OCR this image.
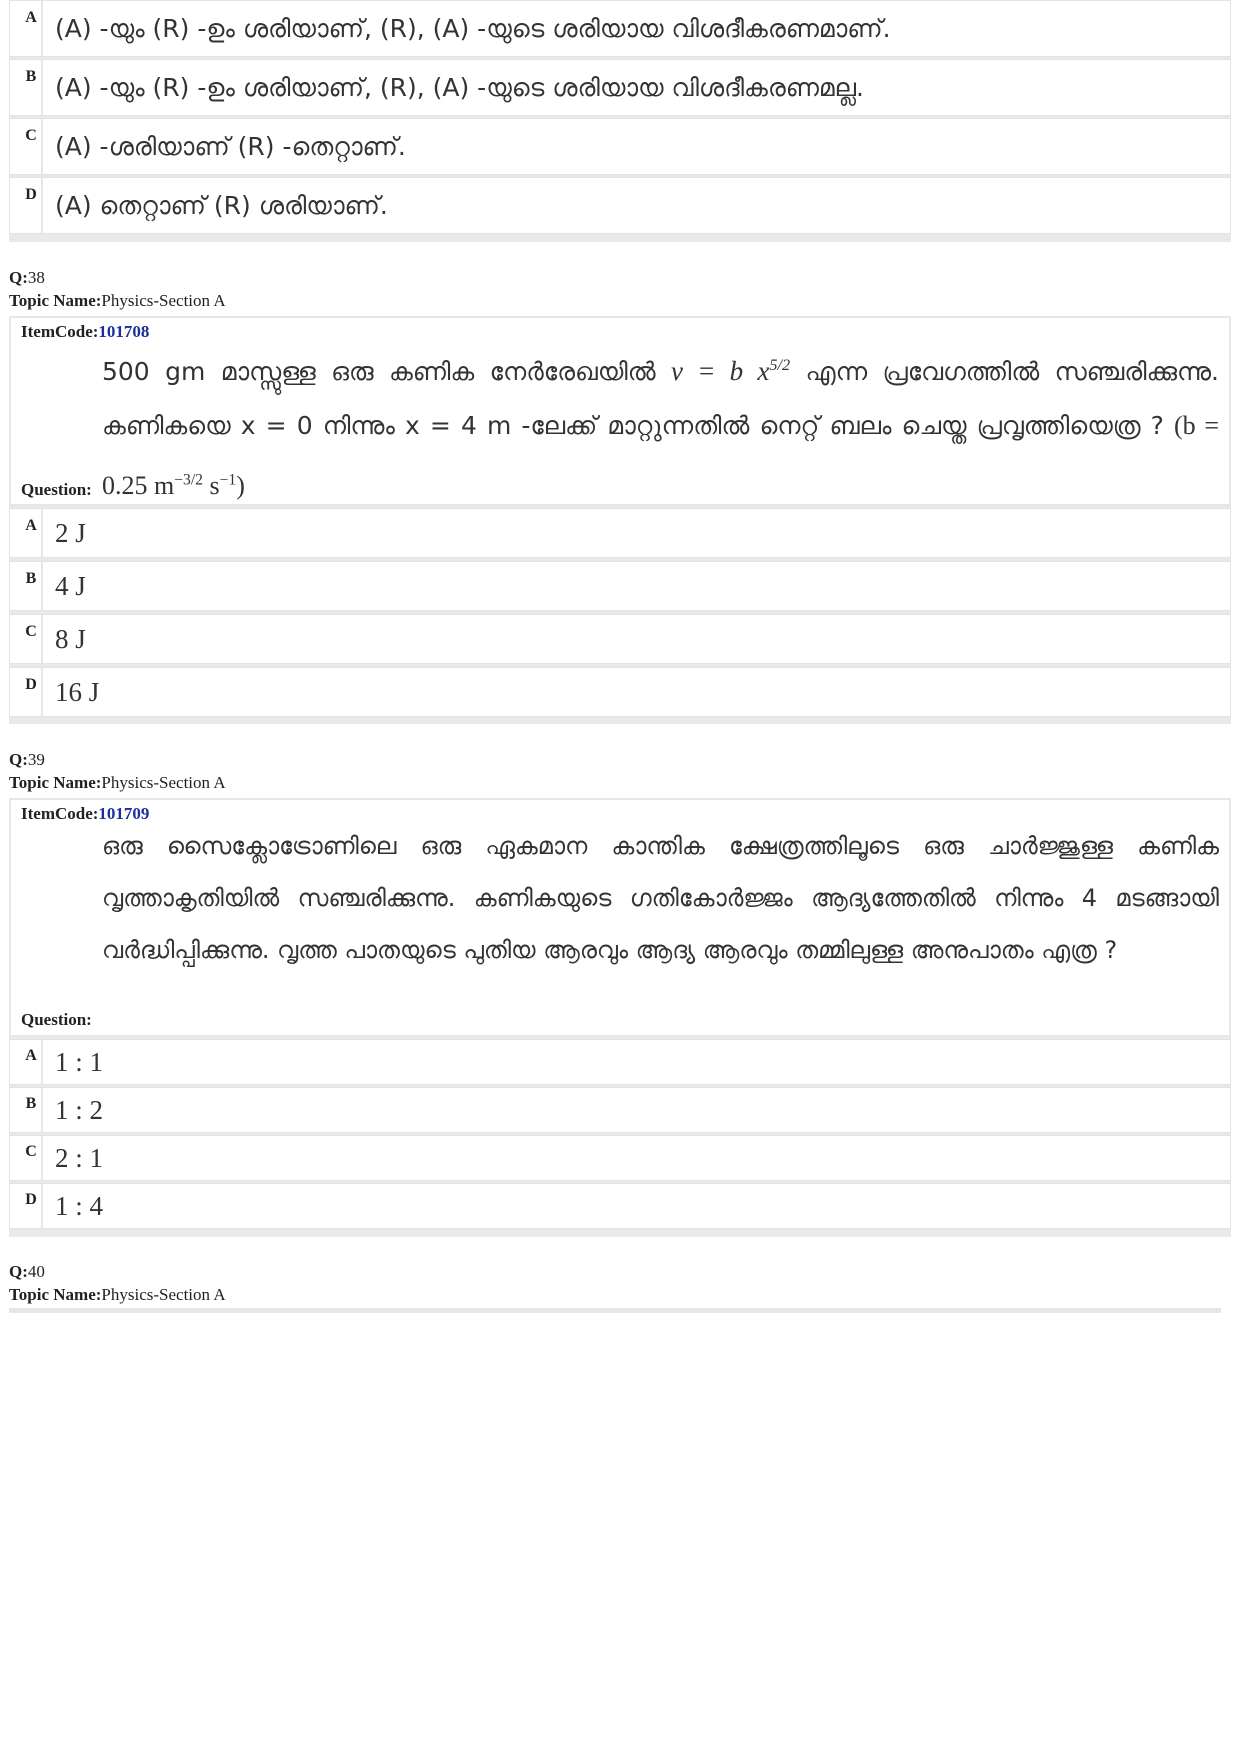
A (A) -യും (R) -ഉം ശരിയാണ്, (R), (A) -യുടെ ശരിയായ വിശദീകരണമാണ്.
B (A) -യും (R) -ഉം ശരിയാണ്, (R), (A) -യുടെ ശരിയായ വിശദീകരണമല്ല.
C (A) -ശരിയാണ് (R) -തെറ്റാണ്.
D (A) തെറ്റാണ് (R) ശരിയാണ്.
Q:38
Topic Name:Physics-Section A
ItemCode:101708
500 gm മാസ്സുള്ള ഒരു കണിക നേർരേഖയിൽ v = b $x^{5/2}$ എന്ന പ്രവേഗത്തിൽ സഞ്ചരിക്കുന്നു. കണികയെ x = 0 നിന്നും x = 4 m -ലേക്ക് മാറ്റുന്നതിൽ നെറ്റ് ബലം ചെയ്ത പ്രവൃത്തിയെത്ര ? (b = 0.25 $m^{-3/2}$ $s^{-1}$)
Question:
A 2 J
B 4 J
C 8 J
D 16 J
Q:39
Topic Name:Physics-Section A
ItemCode:101709
ഒരു സൈക്ലോട്രോണിലെ ഒരു ഏകമാന കാന്തിക ക്ഷേത്രത്തിലൂടെ ഒരു ചാർജ്ജുള്ള കണിക വൃത്താകൃതിയിൽ സഞ്ചരിക്കുന്നു. കണികയുടെ ഗതികോർജ്ജം ആദ്യത്തേതിൽ നിന്നും 4 മടങ്ങായി വർദ്ധിപ്പിക്കുന്നു. വൃത്ത പാതയുടെ പുതിയ ആരവും ആദ്യ ആരവും തമ്മിലുള്ള അനുപാതം എത്ര ?
Question:
A 1 : 1
B 1 : 2
C 2 : 1
D 1 : 4
Q:40
Topic Name:Physics-Section A
